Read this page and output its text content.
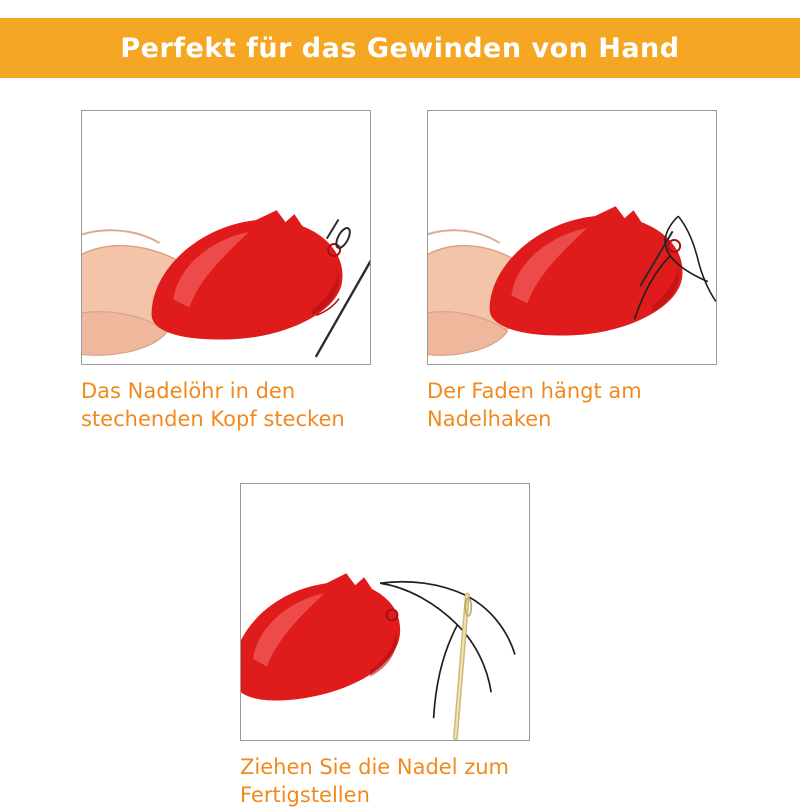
Perfekt für das Gewinden von Hand
Das Nadelöhr in den stechenden Kopf stecken
Der Faden hängt am Nadelhaken
Ziehen Sie die Nadel zum Fertigstellen
